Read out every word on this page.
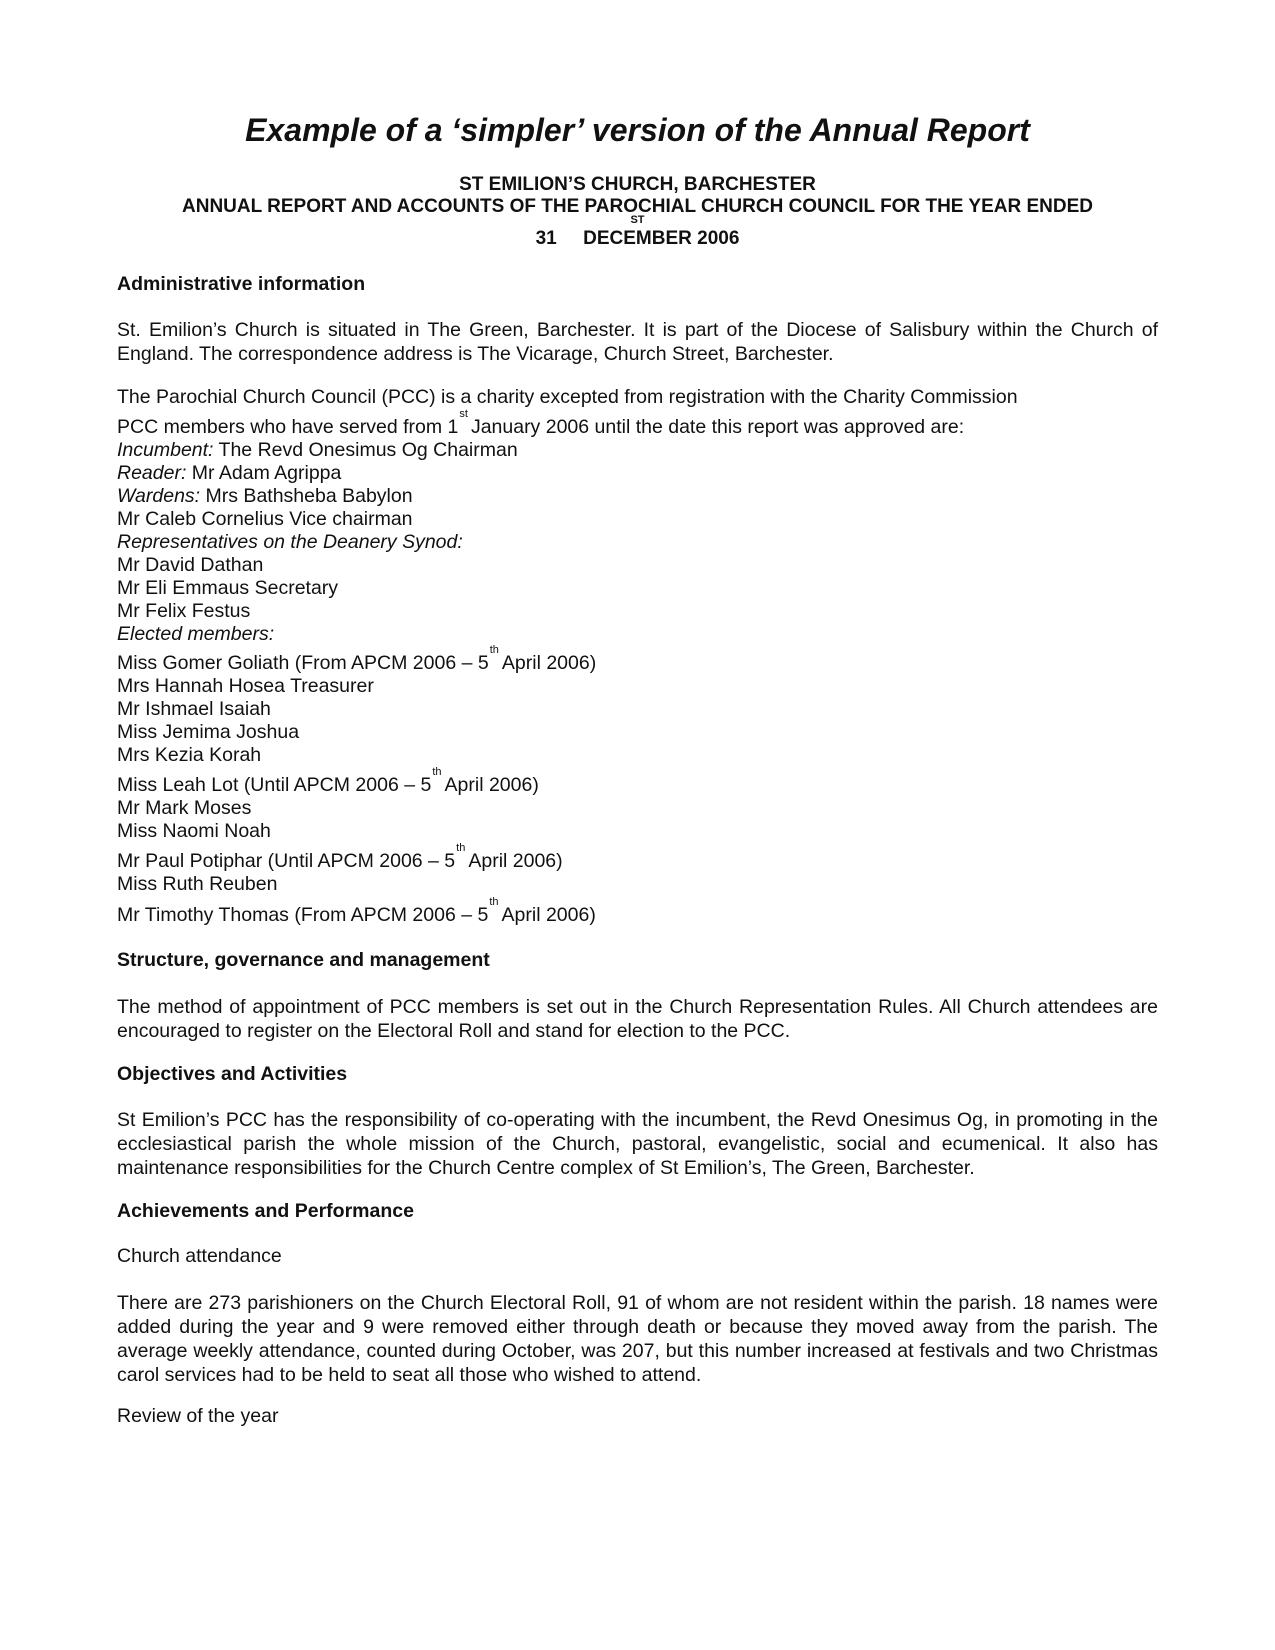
Example of a ‘simpler’ version of the Annual Report
ST EMILION’S CHURCH, BARCHESTER
ANNUAL REPORT AND ACCOUNTS OF THE PAROCHIAL CHURCH COUNCIL FOR THE YEAR ENDED
ST
31 DECEMBER 2006
Administrative information
St. Emilion’s Church is situated in The Green, Barchester. It is part of the Diocese of Salisbury within the Church of England. The correspondence address is The Vicarage, Church Street, Barchester.
The Parochial Church Council (PCC) is a charity excepted from registration with the Charity Commission
PCC members who have served from 1stJanuary 2006 until the date this report was approved are:
Incumbent: The Revd Onesimus Og Chairman
Reader: Mr Adam Agrippa
Wardens: Mrs Bathsheba Babylon
Mr Caleb Cornelius Vice chairman
Representatives on the Deanery Synod:
Mr David Dathan
Mr Eli Emmaus Secretary
Mr Felix Festus
Elected members:
Miss Gomer Goliath (From APCM 2006 – 5thApril 2006)
Mrs Hannah Hosea Treasurer
Mr Ishmael Isaiah
Miss Jemima Joshua
Mrs Kezia Korah
Miss Leah Lot (Until APCM 2006 – 5thApril 2006)
Mr Mark Moses
Miss Naomi Noah
Mr Paul Potiphar (Until APCM 2006 – 5thApril 2006)
Miss Ruth Reuben
Mr Timothy Thomas (From APCM 2006 – 5thApril 2006)
Structure, governance and management
The method of appointment of PCC members is set out in the Church Representation Rules. All Church attendees are encouraged to register on the Electoral Roll and stand for election to the PCC.
Objectives and Activities
St Emilion’s PCC has the responsibility of co-operating with the incumbent, the Revd Onesimus Og, in promoting in the ecclesiastical parish the whole mission of the Church, pastoral, evangelistic, social and ecumenical. It also has maintenance responsibilities for the Church Centre complex of St Emilion’s, The Green, Barchester.
Achievements and Performance
Church attendance
There are 273 parishioners on the Church Electoral Roll, 91 of whom are not resident within the parish. 18 names were added during the year and 9 were removed either through death or because they moved away from the parish. The average weekly attendance, counted during October, was 207, but this number increased at festivals and two Christmas carol services had to be held to seat all those who wished to attend.
Review of the year
